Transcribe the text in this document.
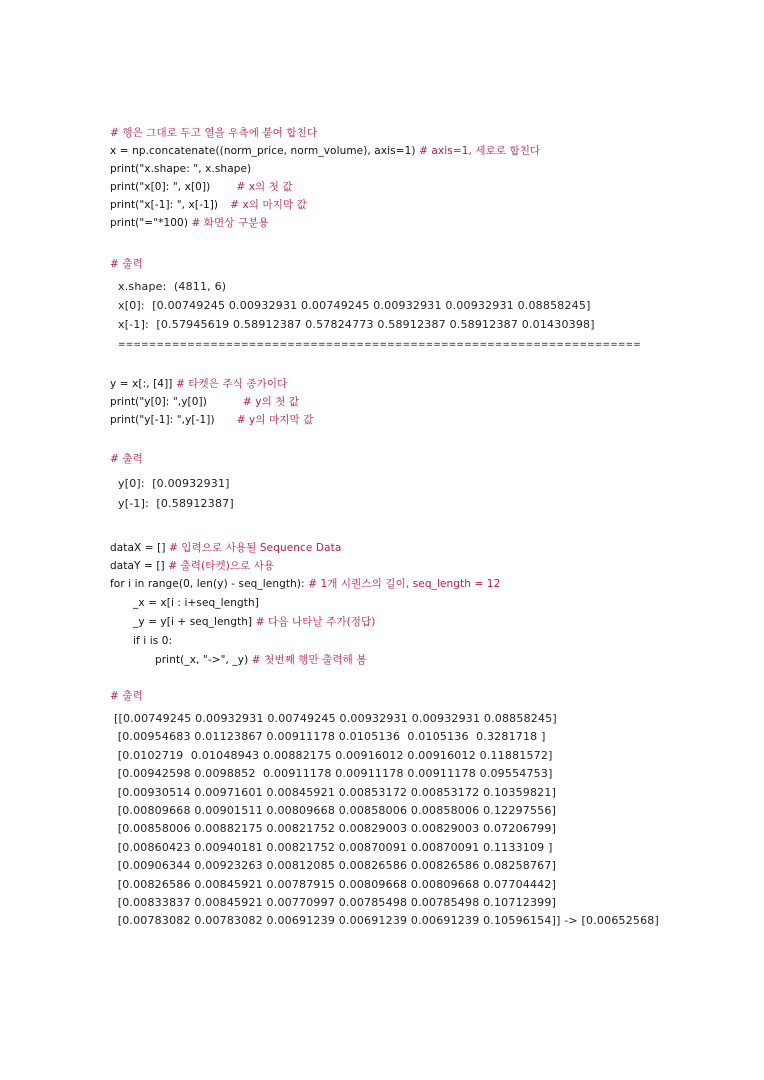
# 행은 그대로 두고 열을 우측에 붙여 합친다
x = np.concatenate((norm_price, norm_volume), axis=1) # axis=1, 세로로 합친다
print("x.shape: ", x.shape)
print("x[0]: ", x[0]) # x의 첫 값
print("x[-1]: ", x[-1]) # x의 마지막 값
print("="*100) # 화면상 구분용
# 출력
x.shape:  (4811, 6)
x[0]:  [0.00749245 0.00932931 0.00749245 0.00932931 0.00932931 0.08858245]
x[-1]:  [0.57945619 0.58912387 0.57824773 0.58912387 0.58912387 0.01430398]
====================================================================
y = x[:, [4]] # 타켓은 주식 종가이다
print("y[0]: ",y[0])	# y의 첫 값
print("y[-1]: ",y[-1]) # y의 마지막 값
# 출력
y[0]:  [0.00932931]
y[-1]:  [0.58912387]
dataX = [] # 입력으로 사용될 Sequence Data
dataY = [] # 출력(타켓)으로 사용
for i in range(0, len(y) - seq_length): # 1개 시퀀스의 길이, seq_length = 12
_x = x[i : i+seq_length]
_y = y[i + seq_length] # 다음 나타날 주가(정답)
if i is 0:
print(_x, "->", _y) # 첫번째 행만 출력해 봄
# 출력
[[0.00749245 0.00932931 0.00749245 0.00932931 0.00932931 0.08858245]
[0.00954683 0.01123867 0.00911178 0.0105136  0.0105136  0.3281718 ]
[0.0102719  0.01048943 0.00882175 0.00916012 0.00916012 0.11881572]
[0.00942598 0.0098852  0.00911178 0.00911178 0.00911178 0.09554753]
[0.00930514 0.00971601 0.00845921 0.00853172 0.00853172 0.10359821]
[0.00809668 0.00901511 0.00809668 0.00858006 0.00858006 0.12297556]
[0.00858006 0.00882175 0.00821752 0.00829003 0.00829003 0.07206799]
[0.00860423 0.00940181 0.00821752 0.00870091 0.00870091 0.1133109 ]
[0.00906344 0.00923263 0.00812085 0.00826586 0.00826586 0.08258767]
[0.00826586 0.00845921 0.00787915 0.00809668 0.00809668 0.07704442]
[0.00833837 0.00845921 0.00770997 0.00785498 0.00785498 0.10712399]
[0.00783082 0.00783082 0.00691239 0.00691239 0.00691239 0.10596154]] -> [0.00652568]
